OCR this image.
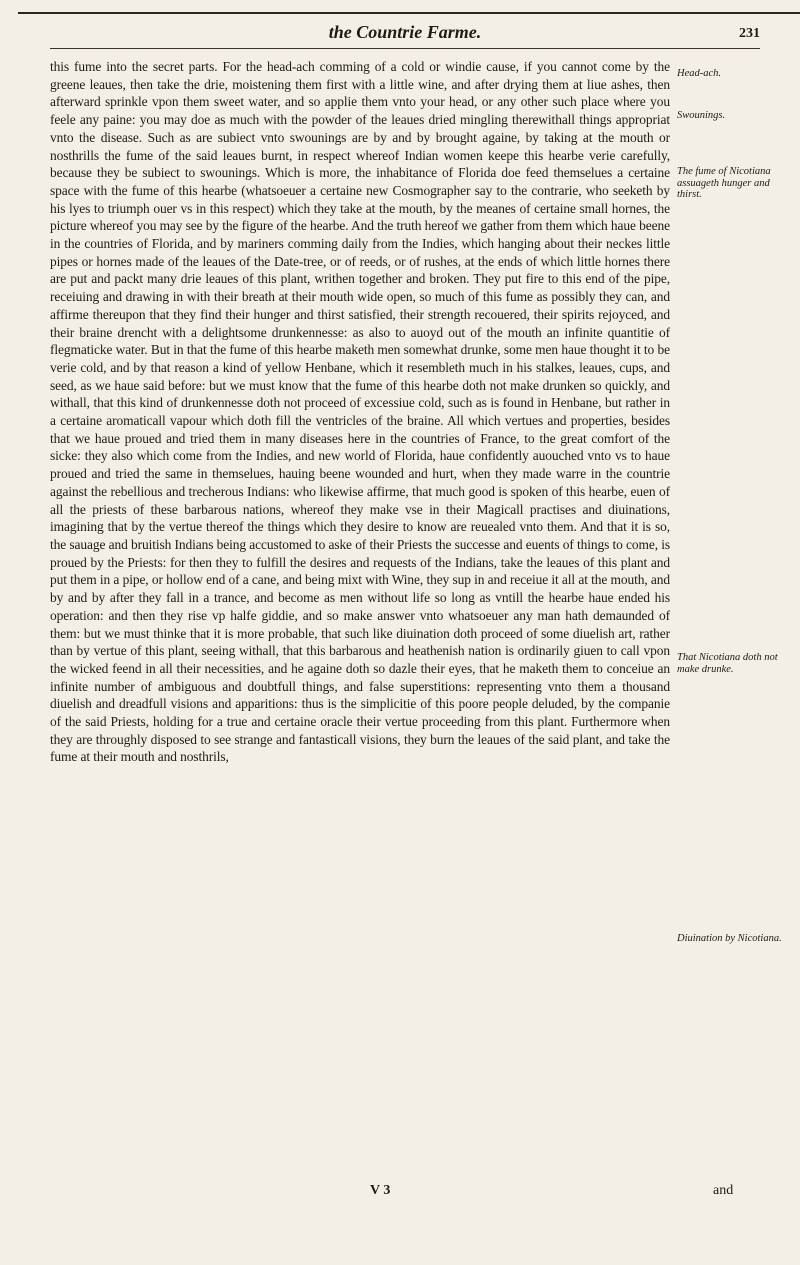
the Countrie Farme.	231

this fume into the secret parts. For the head-ach comming of a cold or windie cause, if you cannot come by the greene leaues, then take the drie, moistening them first with a little wine, and after drying them at liue ashes, then afterward sprinkle vpon them sweet water, and so applie them vnto your head, or any other such place where you feele any paine: you may doe as much with the powder of the leaues dried mingling therewithall things appropriat vnto the disease. Such as are subiect vnto swounings are by and by brought againe, by taking at the mouth or nosthrills the fume of the said leaues burnt, in respect whereof Indian women keepe this hearbe verie carefully, because they be subiect to swounings. Which is more, the inhabitance of Florida doe feed themselues a certaine space with the fume of this hearbe (whatsoeuer a certaine new Cosmographer say to the contrarie, who seeketh by his lyes to triumph ouer vs in this respect) which they take at the mouth, by the meanes of certaine small hornes, the picture whereof you may see by the figure of the hearbe. And the truth hereof we gather from them which haue beene in the countries of Florida, and by mariners comming daily from the Indies, which hanging about their neckes little pipes or hornes made of the leaues of the Date-tree, or of reeds, or of rushes, at the ends of which little hornes there are put and packt many drie leaues of this plant, writhen together and broken. They put fire to this end of the pipe, receiuing and drawing in with their breath at their mouth wide open, so much of this fume as possibly they can, and affirme thereupon that they find their hunger and thirst satisfied, their strength recouered, their spirits rejoyced, and their braine drencht with a delightsome drunkennesse: as also to auoyd out of the mouth an infinite quantitie of flegmaticke water. But in that the fume of this hearbe maketh men somewhat drunke, some men haue thought it to be verie cold, and by that reason a kind of yellow Henbane, which it resembleth much in his stalkes, leaues, cups, and seed, as we haue said before: but we must know that the fume of this hearbe doth not make drunken so quickly, and withall, that this kind of drunkennesse doth not proceed of excessiue cold, such as is found in Henbane, but rather in a certaine aromaticall vapour which doth fill the ventricles of the braine. All which vertues and properties, besides that we haue proued and tried them in many diseases here in the countries of France, to the great comfort of the sicke: they also which come from the Indies, and new world of Florida, haue confidently auouched vnto vs to haue proued and tried the same in themselues, hauing beene wounded and hurt, when they made warre in the countrie against the rebellious and trecherous Indians: who likewise affirme, that much good is spoken of this hearbe, euen of all the priests of these barbarous nations, whereof they make vse in their Magicall practises and diuinations, imagining that by the vertue thereof the things which they desire to know are reuealed vnto them. And that it is so, the sauage and bruitish Indians being accustomed to aske of their Priests the successe and euents of things to come, is proued by the Priests: for then they to fulfill the desires and requests of the Indians, take the leaues of this plant and put them in a pipe, or hollow end of a cane, and being mixt with Wine, they sup in and receiue it all at the mouth, and by and by after they fall in a trance, and become as men without life so long as vntill the hearbe haue ended his operation: and then they rise vp halfe giddie, and so make answer vnto whatsoeuer any man hath demaunded of them: but we must thinke that it is more probable, that such like diuination doth proceed of some diuelish art, rather than by vertue of this plant, seeing withall, that this barbarous and heathenish nation is ordinarily giuen to call vpon the wicked feend in all their necessities, and he againe doth so dazle their eyes, that he maketh them to conceiue an infinite number of ambiguous and doubtfull things, and false superstitions: representing vnto them a thousand diuelish and dreadfull visions and apparitions: thus is the simplicitie of this poore people deluded, by the companie of the said Priests, holding for a true and certaine oracle their vertue proceeding from this plant. Furthermore when they are throughly disposed to see strange and fantasticall visions, they burn the leaues of the said plant, and take the fume at their mouth and nosthrils,

Head-ach.
Swounings.
The fume of Nicotiana assuageth hunger and thirst.
That Nicotiana doth not make drunke.
Diuination by Nicotiana.
V 3	and
